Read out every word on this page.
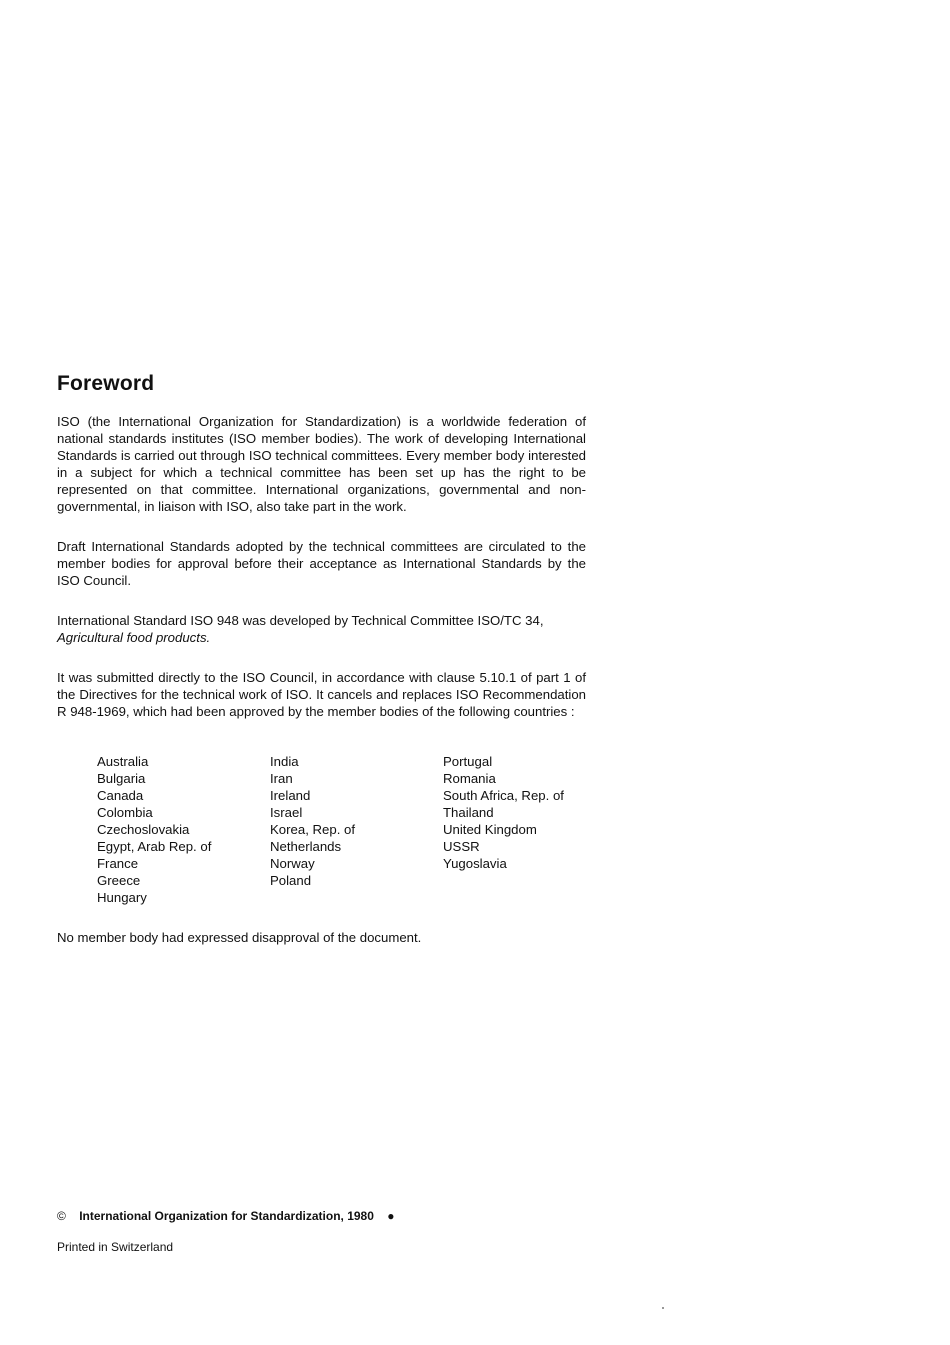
Foreword

ISO (the International Organization for Standardization) is a worldwide federation of national standards institutes (ISO member bodies). The work of developing International Standards is carried out through ISO technical committees. Every member body interested in a subject for which a technical committee has been set up has the right to be represented on that committee. International organizations, governmental and non-governmental, in liaison with ISO, also take part in the work.

Draft International Standards adopted by the technical committees are circulated to the member bodies for approval before their acceptance as International Standards by the ISO Council.

International Standard ISO 948 was developed by Technical Committee ISO/TC 34,
Agricultural food products.

It was submitted directly to the ISO Council, in accordance with clause 5.10.1 of part 1 of the Directives for the technical work of ISO. It cancels and replaces ISO Recommendation R 948-1969, which had been approved by the member bodies of the following countries :

Australia
Bulgaria
Canada
Colombia
Czechoslovakia
Egypt, Arab Rep. of
France
Greece
Hungary
India
Iran
Ireland
Israel
Korea, Rep. of
Netherlands
Norway
Poland
Portugal
Romania
South Africa, Rep. of
Thailand
United Kingdom
USSR
Yugoslavia

No member body had expressed disapproval of the document.

© International Organization for Standardization, 1980 ●
Printed in Switzerland
